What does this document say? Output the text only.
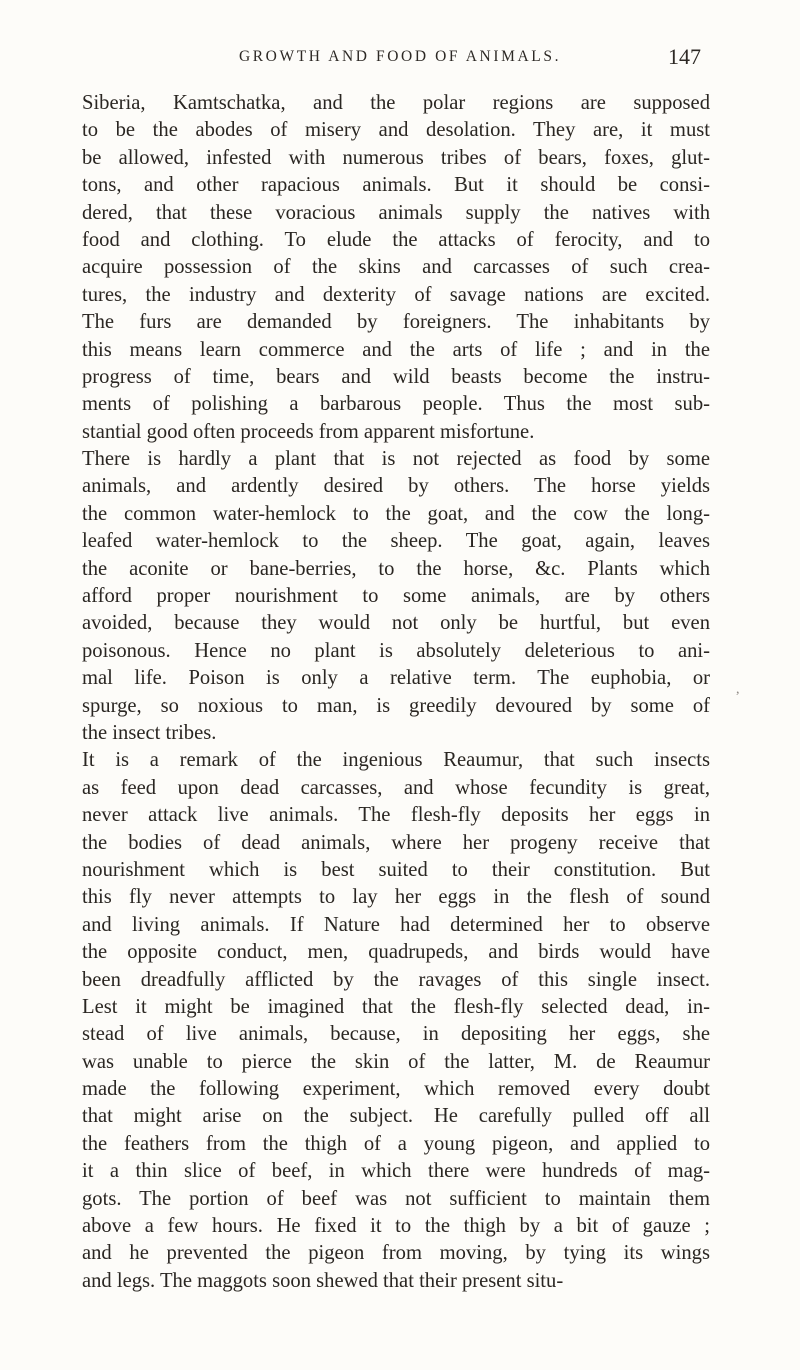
GROWTH AND FOOD OF ANIMALS.	147
Siberia, Kamtschatka, and the polar regions are supposed
to be the abodes of misery and desolation. They are, it must
be allowed, infested with numerous tribes of bears, foxes, glut-
tons, and other rapacious animals. But it should be consi-
dered, that these voracious animals supply the natives with
food and clothing. To elude the attacks of ferocity, and to
acquire possession of the skins and carcasses of such crea-
tures, the industry and dexterity of savage nations are excited.
The furs are demanded by foreigners. The inhabitants by
this means learn commerce and the arts of life ; and in the
progress of time, bears and wild beasts become the instru-
ments of polishing a barbarous people. Thus the most sub-
stantial good often proceeds from apparent misfortune.
There is hardly a plant that is not rejected as food by some
animals, and ardently desired by others. The horse yields
the common water-hemlock to the goat, and the cow the long-
leafed water-hemlock to the sheep. The goat, again, leaves
the aconite or bane-berries, to the horse, &c. Plants which
afford proper nourishment to some animals, are by others
avoided, because they would not only be hurtful, but even
poisonous. Hence no plant is absolutely deleterious to ani-
mal life. Poison is only a relative term. The euphobia, or
spurge, so noxious to man, is greedily devoured by some of
the insect tribes.
It is a remark of the ingenious Reaumur, that such insects
as feed upon dead carcasses, and whose fecundity is great,
never attack live animals. The flesh-fly deposits her eggs in
the bodies of dead animals, where her progeny receive that
nourishment which is best suited to their constitution. But
this fly never attempts to lay her eggs in the flesh of sound
and living animals. If Nature had determined her to observe
the opposite conduct, men, quadrupeds, and birds would have
been dreadfully afflicted by the ravages of this single insect.
Lest it might be imagined that the flesh-fly selected dead, in-
stead of live animals, because, in depositing her eggs, she
was unable to pierce the skin of the latter, M. de Reaumur
made the following experiment, which removed every doubt
that might arise on the subject. He carefully pulled off all
the feathers from the thigh of a young pigeon, and applied to
it a thin slice of beef, in which there were hundreds of mag-
gots. The portion of beef was not sufficient to maintain them
above a few hours. He fixed it to the thigh by a bit of gauze ;
and he prevented the pigeon from moving, by tying its wings
and legs. The maggots soon shewed that their present situ-
,
